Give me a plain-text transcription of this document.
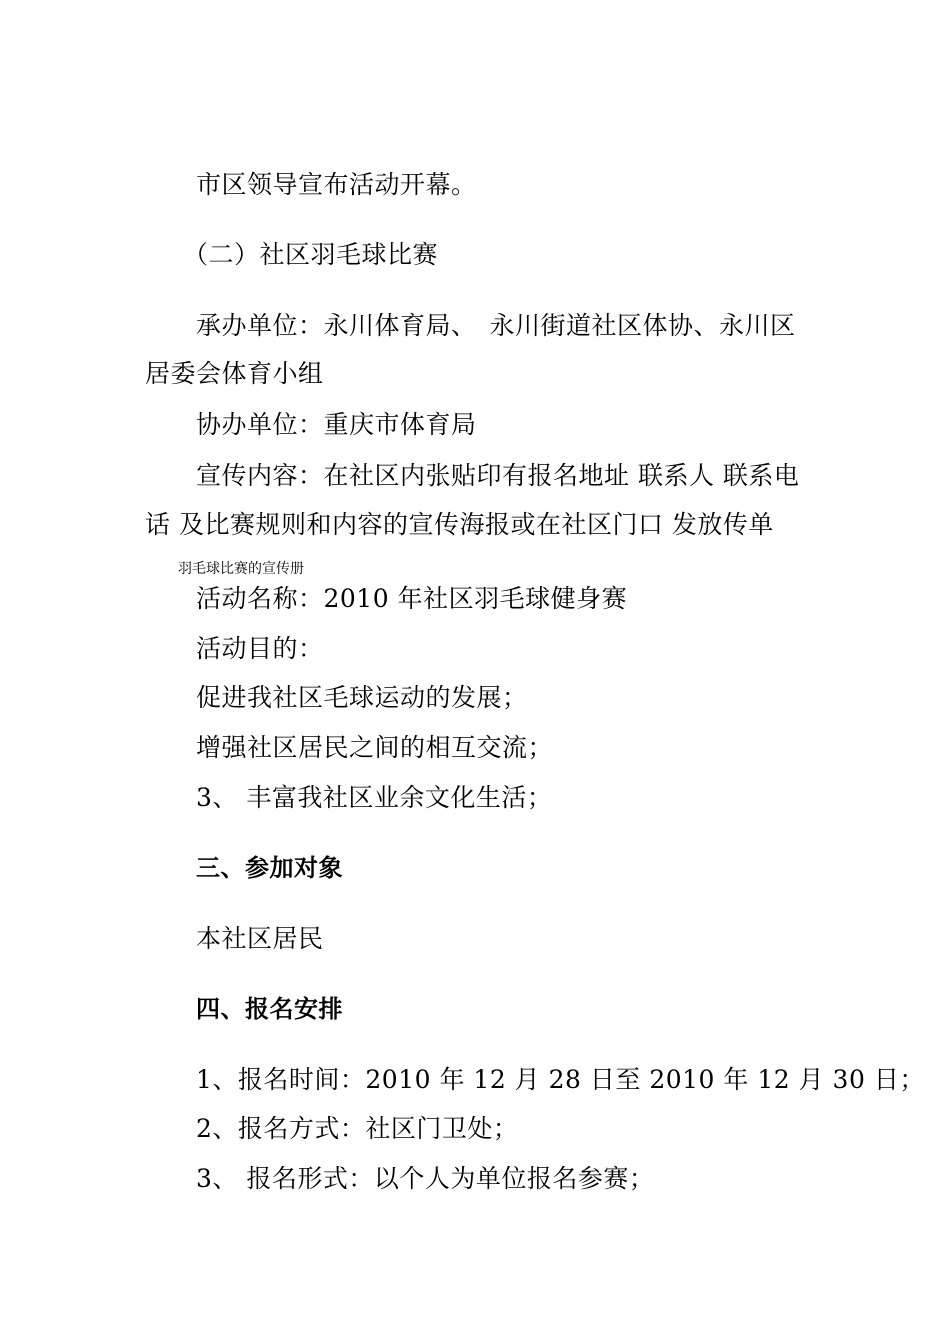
市区领导宣布活动开幕。
（二）社区羽毛球比赛
承办单位：永川体育局、　永川街道社区体协、永川区
居委会体育小组
协办单位：重庆市体育局
宣传内容：在社区内张贴印有报名地址 联系人 联系电
话 及比赛规则和内容的宣传海报或在社区门口 发放传单
羽毛球比赛的宣传册
活动名称：2010 年社区羽毛球健身赛
活动目的：
促进我社区毛球运动的发展；
增强社区居民之间的相互交流；
3、 丰富我社区业余文化生活；
三、参加对象
本社区居民
四、报名安排
1、报名时间：2010 年 12 月 28 日至 2010 年 12 月 30 日；
2、报名方式：社区门卫处；
3、 报名形式：以个人为单位报名参赛；
